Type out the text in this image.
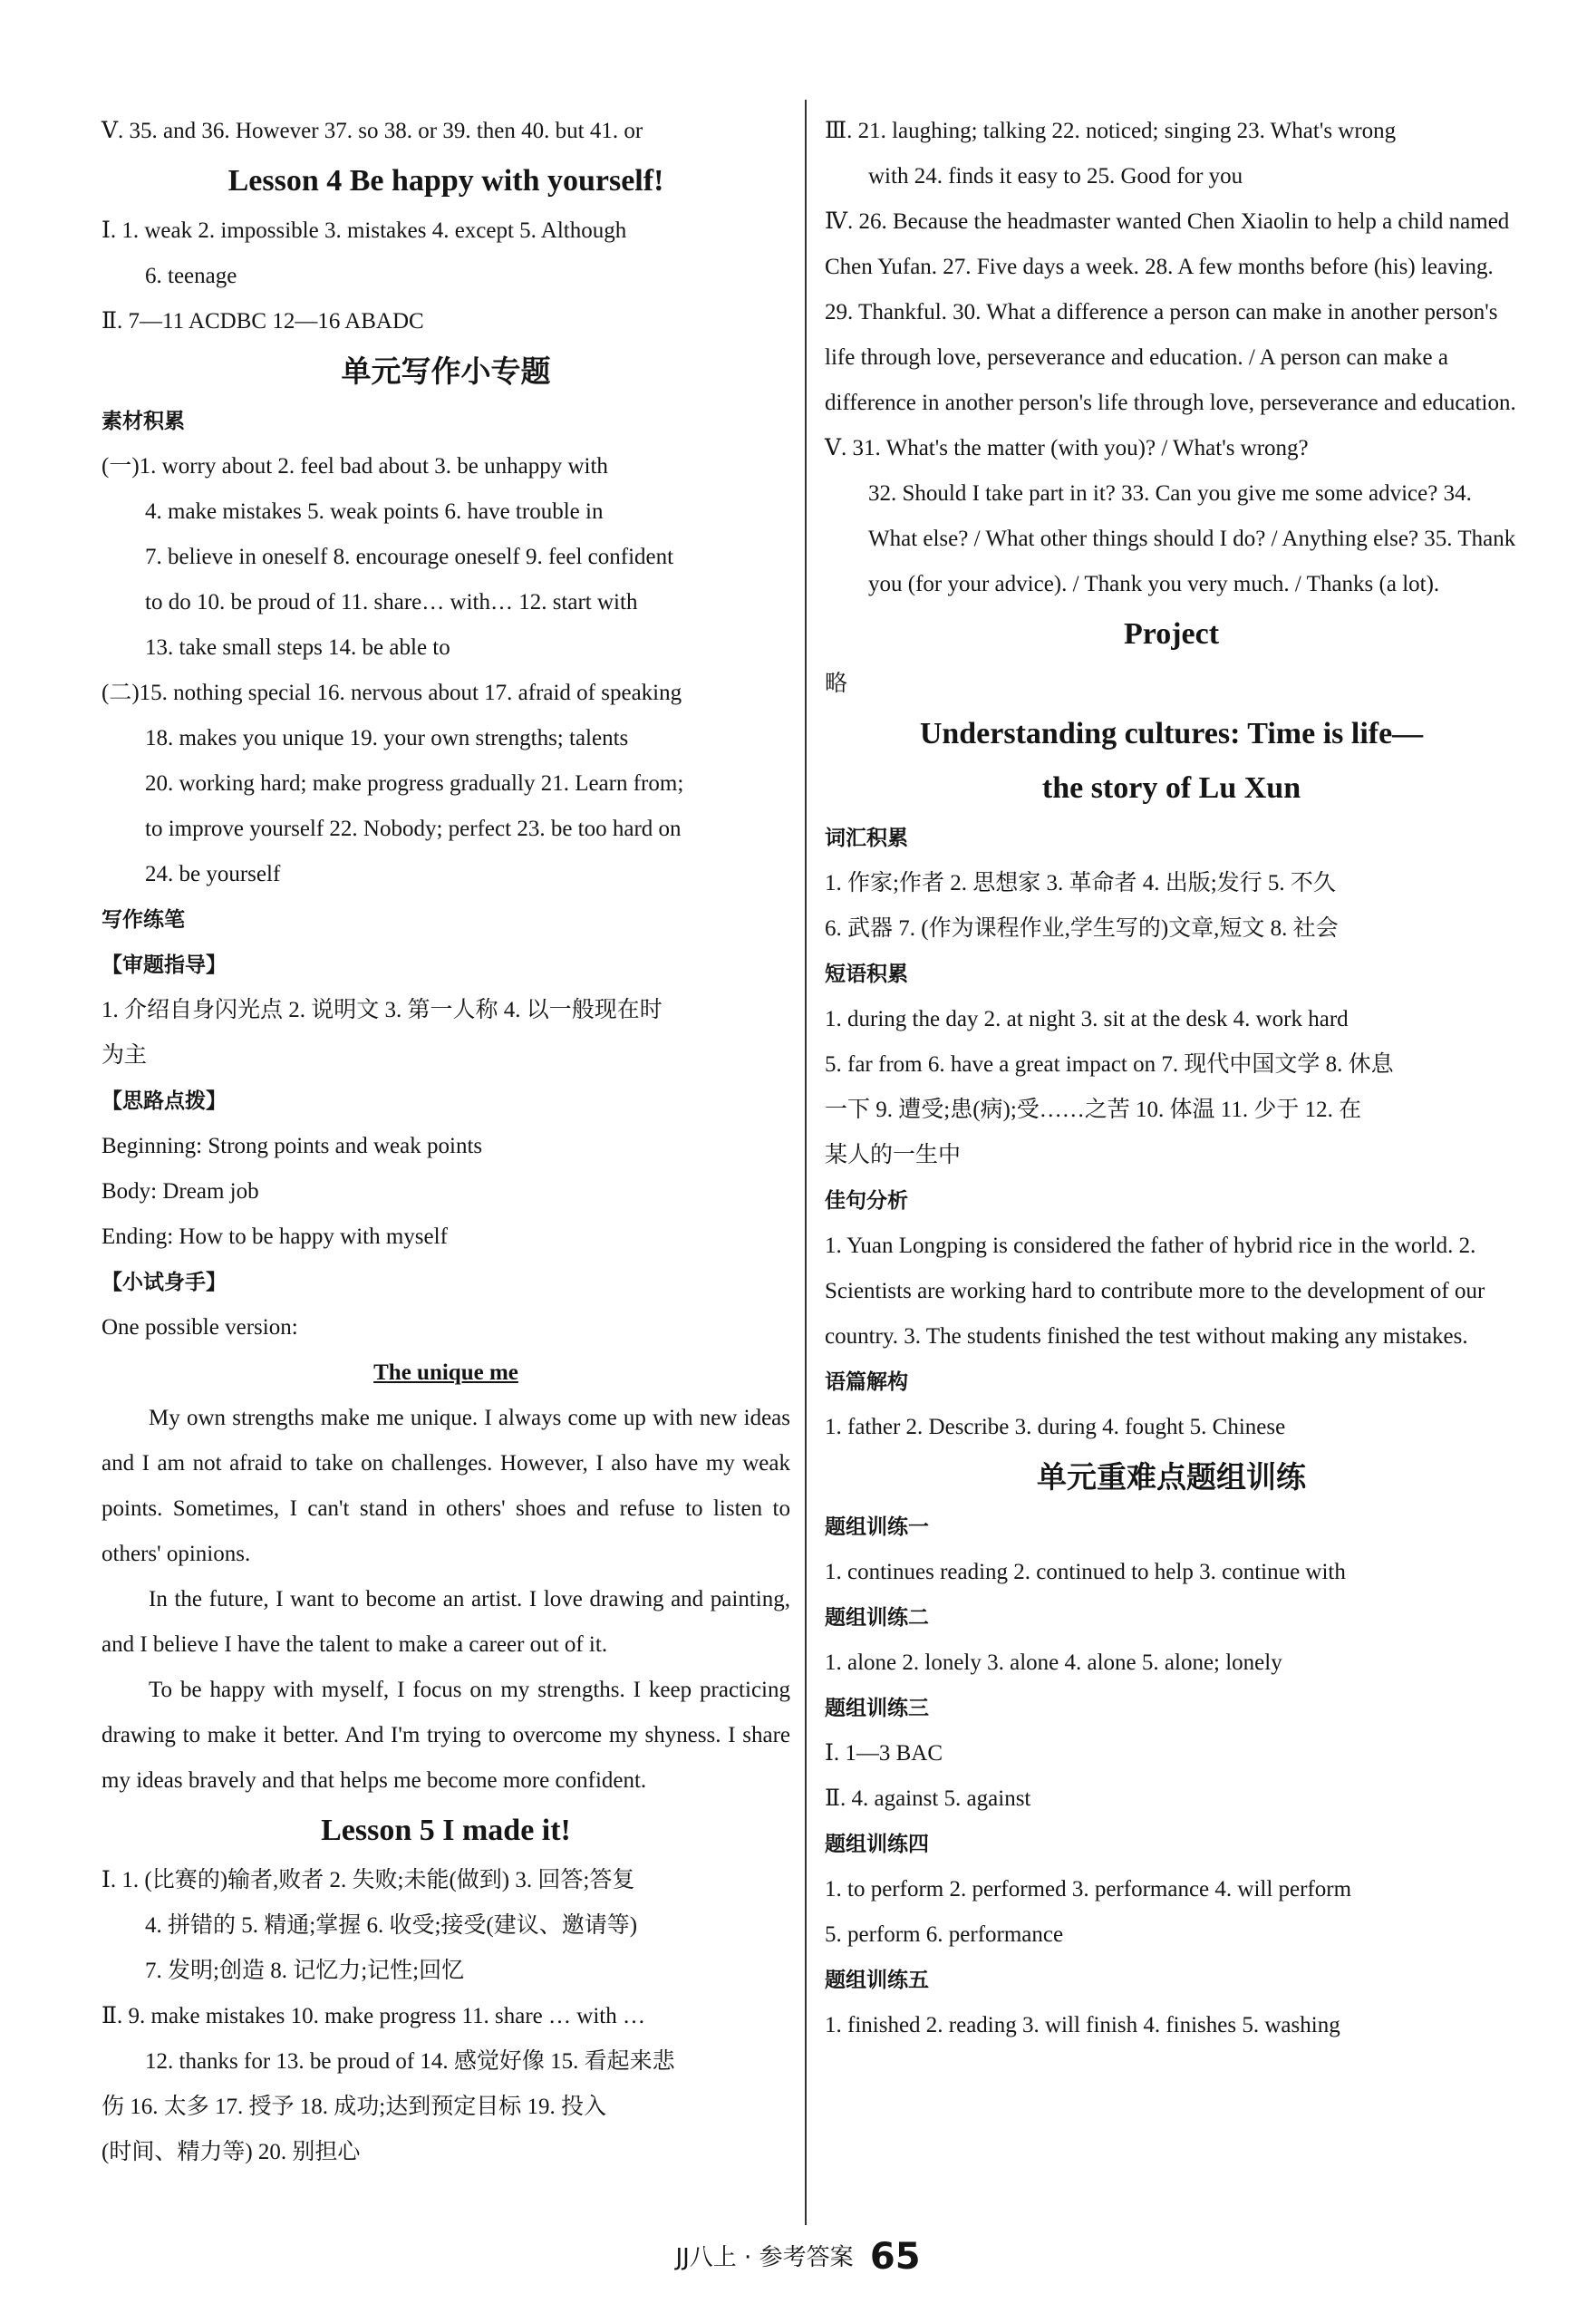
Ⅴ. 35. and 36. However 37. so 38. or 39. then 40. but 41. or

Lesson 4 Be happy with yourself!

Ⅰ. 1. weak 2. impossible 3. mistakes 4. except 5. Although

6. teenage

Ⅱ. 7—11 ACDBC 12—16 ABADC

单元写作小专题

素材积累

(一)1. worry about 2. feel bad about 3. be unhappy with

4. make mistakes 5. weak points 6. have trouble in

7. believe in oneself 8. encourage oneself 9. feel confident

to do 10. be proud of 11. share… with… 12. start with

13. take small steps 14. be able to

(二)15. nothing special 16. nervous about 17. afraid of speaking

18. makes you unique 19. your own strengths; talents

20. working hard; make progress gradually 21. Learn from;

to improve yourself 22. Nobody; perfect 23. be too hard on

24. be yourself

写作练笔

【审题指导】

1. 介绍自身闪光点 2. 说明文 3. 第一人称 4. 以一般现在时

为主

【思路点拨】

Beginning: Strong points and weak points

Body: Dream job

Ending: How to be happy with myself

【小试身手】

One possible version:

The unique me

My own strengths make me unique. I always come up with new ideas and I am not afraid to take on challenges. However, I also have my weak points. Sometimes, I can't stand in others' shoes and refuse to listen to others' opinions.

In the future, I want to become an artist. I love drawing and painting, and I believe I have the talent to make a career out of it.

To be happy with myself, I focus on my strengths. I keep practicing drawing to make it better. And I'm trying to overcome my shyness. I share my ideas bravely and that helps me become more confident.

Lesson 5 I made it!

Ⅰ. 1. (比赛的)输者,败者 2. 失败;未能(做到) 3. 回答;答复

4. 拼错的 5. 精通;掌握 6. 收受;接受(建议、邀请等)

7. 发明;创造 8. 记忆力;记性;回忆

Ⅱ. 9. make mistakes 10. make progress 11. share … with …

12. thanks for 13. be proud of 14. 感觉好像 15. 看起来悲

伤 16. 太多 17. 授予 18. 成功;达到预定目标 19. 投入

(时间、精力等) 20. 别担心

Ⅲ. 21. laughing; talking 22. noticed; singing 23. What's wrong

with 24. finds it easy to 25. Good for you

Ⅳ. 26. Because the headmaster wanted Chen Xiaolin to help a child named Chen Yufan. 27. Five days a week. 28. A few months before (his) leaving. 29. Thankful. 30. What a difference a person can make in another person's life through love, perseverance and education. / A person can make a difference in another person's life through love, perseverance and education.

Ⅴ. 31. What's the matter (with you)? / What's wrong?

32. Should I take part in it? 33. Can you give me some advice? 34. What else? / What other things should I do? / Anything else? 35. Thank you (for your advice). / Thank you very much. / Thanks (a lot).

Project

略

Understanding cultures: Time is life—

the story of Lu Xun

词汇积累

1. 作家;作者 2. 思想家 3. 革命者 4. 出版;发行 5. 不久

6. 武器 7. (作为课程作业,学生写的)文章,短文 8. 社会

短语积累

1. during the day 2. at night 3. sit at the desk 4. work hard

5. far from 6. have a great impact on 7. 现代中国文学 8. 休息

一下 9. 遭受;患(病);受……之苦 10. 体温 11. 少于 12. 在

某人的一生中

佳句分析

1. Yuan Longping is considered the father of hybrid rice in the world. 2. Scientists are working hard to contribute more to the development of our country. 3. The students finished the test without making any mistakes.

语篇解构

1. father 2. Describe 3. during 4. fought 5. Chinese

单元重难点题组训练

题组训练一

1. continues reading 2. continued to help 3. continue with

题组训练二

1. alone 2. lonely 3. alone 4. alone 5. alone; lonely

题组训练三

Ⅰ. 1—3 BAC

Ⅱ. 4. against 5. against

题组训练四

1. to perform 2. performed 3. performance 4. will perform

5. perform 6. performance

题组训练五

1. finished 2. reading 3. will finish 4. finishes 5. washing

JJ八上 · 参考答案 65
